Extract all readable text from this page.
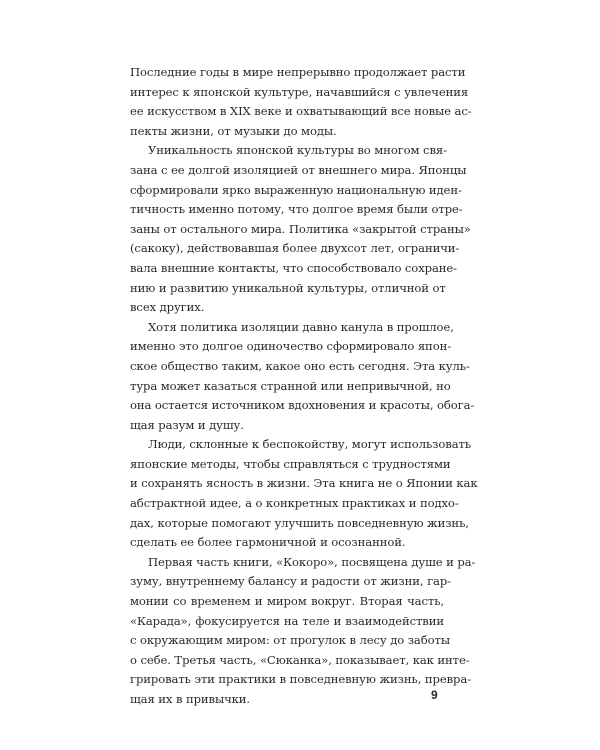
Последние годы в мире непрерывно продолжает расти
интерес к японской культуре, начавшийся с увлечения
ее искусством в XIX веке и охватывающий все новые ас-
пекты жизни, от музыки до моды.
Уникальность японской культуры во многом свя-
зана с ее долгой изоляцией от внешнего мира. Японцы
сформировали ярко выраженную национальную иден-
тичность именно потому, что долгое время были отре-
заны от остального мира. Политика «закрытой страны»
(сакоку), действовавшая более двухсот лет, ограничи-
вала внешние контакты, что способствовало сохране-
нию и развитию уникальной культуры, отличной от
всех других.
Хотя политика изоляции давно канула в прошлое,
именно это долгое одиночество сформировало япон-
ское общество таким, какое оно есть сегодня. Эта куль-
тура может казаться странной или непривычной, но
она остается источником вдохновения и красоты, обога-
щая разум и душу.
Люди, склонные к беспокойству, могут использовать
японские методы, чтобы справляться с трудностями
и сохранять ясность в жизни. Эта книга не о Японии как
абстрактной идее, а о конкретных практиках и подхо-
дах, которые помогают улучшить повседневную жизнь,
сделать ее более гармоничной и осознанной.
Первая часть книги, «Кокоро», посвящена душе и ра-
зуму, внутреннему балансу и радости от жизни, гар-
монии со временем и миром вокруг. Вторая часть,
«Карада», фокусируется на теле и взаимодействии
с окружающим миром: от прогулок в лесу до заботы
о себе. Третья часть, «Сюканка», показывает, как инте-
грировать эти практики в повседневную жизнь, превра-
щая их в привычки.	9
